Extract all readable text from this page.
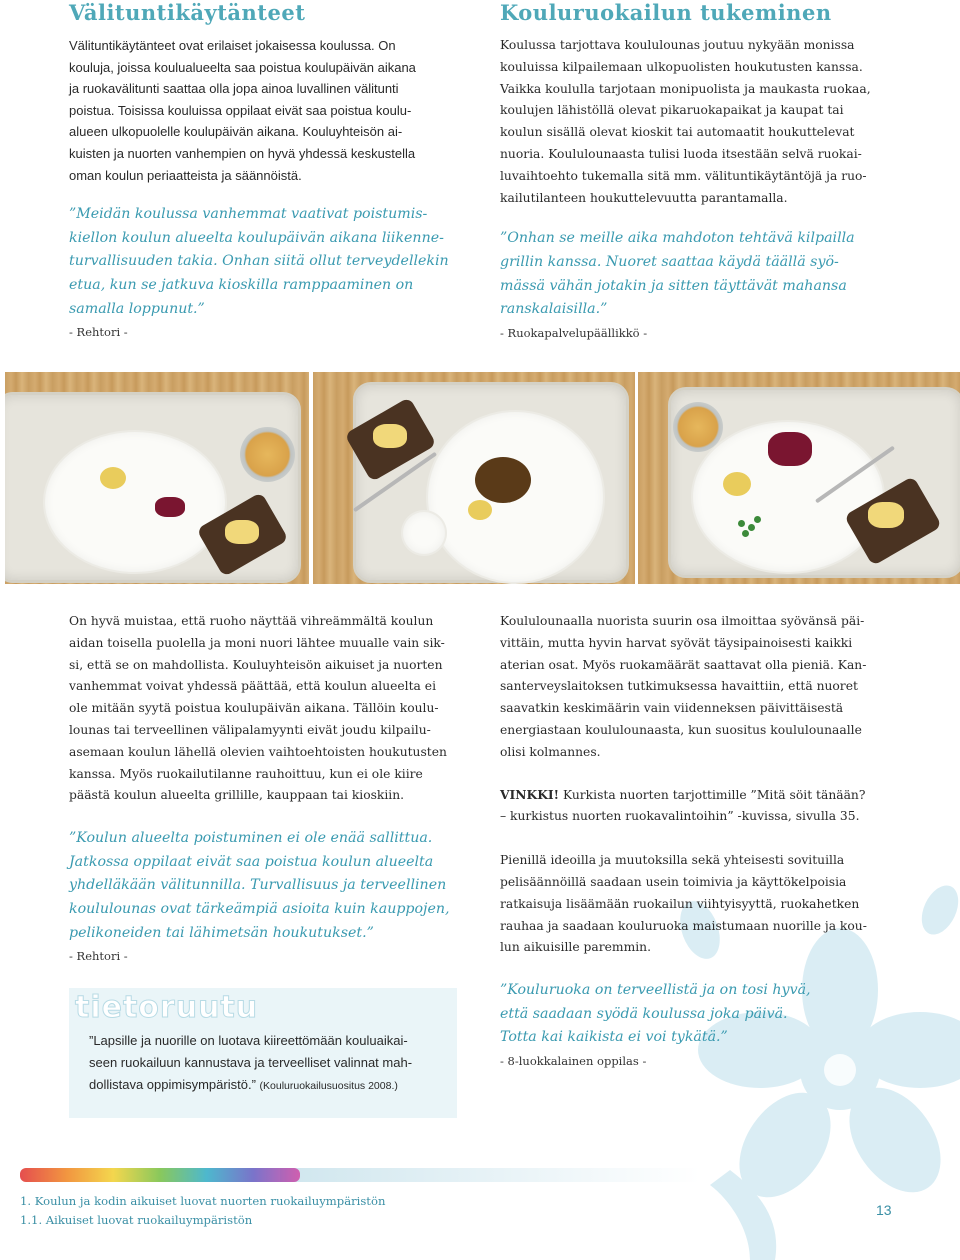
Välituntikäytänteet

Välituntikäytänteet ovat erilaiset jokaisessa koulussa. On

kouluja, joissa koulualueelta saa poistua koulupäivän aikana

ja ruokavälitunti saattaa olla jopa ainoa luvallinen välitunti

poistua. Toisissa kouluissa oppilaat eivät saa poistua koulu-

alueen ulkopuolelle koulupäivän aikana. Kouluyhteisön ai-

kuisten ja nuorten vanhempien on hyvä yhdessä keskustella

oman koulun periaatteista ja säännöistä.

”Meidän koulussa vanhemmat vaativat poistumis-

kiellon koulun alueelta koulupäivän aikana liikenne-

turvallisuuden takia. Onhan siitä ollut terveydellekin

etua, kun se jatkuva kioskilla ramppaaminen on

samalla loppunut.”

- Rehtori -

Kouluruokailun tukeminen

Koulussa tarjottava koululounas joutuu nykyään monissa

kouluissa kilpailemaan ulkopuolisten houkutusten kanssa.

Vaikka koululla tarjotaan monipuolista ja maukasta ruokaa,

koulujen lähistöllä olevat pikaruokapaikat ja kaupat tai

koulun sisällä olevat kioskit tai automaatit houkuttelevat

nuoria. Koululounaasta tulisi luoda itsestään selvä ruokai-

luvaihtoehto tukemalla sitä mm. välituntikäytäntöjä ja ruo-

kailutilanteen houkuttelevuutta parantamalla.

”Onhan se meille aika mahdoton tehtävä kilpailla

grillin kanssa. Nuoret saattaa käydä täällä syö-

mässä vähän jotakin ja sitten täyttävät mahansa

ranskalaisilla.”

- Ruokapalvelupäällikkö -

On hyvä muistaa, että ruoho näyttää vihreämmältä koulun

aidan toisella puolella ja moni nuori lähtee muualle vain sik-

si, että se on mahdollista. Kouluyhteisön aikuiset ja nuorten

vanhemmat voivat yhdessä päättää, että koulun alueelta ei

ole mitään syytä poistua koulupäivän aikana. Tällöin koulu-

lounas tai terveellinen välipalamyynti eivät joudu kilpailu-

asemaan koulun lähellä olevien vaihtoehtoisten houkutusten

kanssa. Myös ruokailutilanne rauhoittuu, kun ei ole kiire

päästä koulun alueelta grillille, kauppaan tai kioskiin.

”Koulun alueelta poistuminen ei ole enää sallittua.

Jatkossa oppilaat eivät saa poistua koulun alueelta

yhdelläkään välitunnilla. Turvallisuus ja terveellinen

koululounas ovat tärkeämpiä asioita kuin kauppojen,

pelikoneiden tai lähimetsän houkutukset.”

- Rehtori -

tietoruutu
”Lapsille ja nuorille on luotava kiireettömään kouluaikai-
seen ruokailuun kannustava ja terveelliset valinnat mah-
dollistava oppimisympäristö.” (Kouluruokailusuositus 2008.)

Koululounaalla nuorista suurin osa ilmoittaa syövänsä päi-

vittäin, mutta hyvin harvat syövät täysipainoisesti kaikki

aterian osat. Myös ruokamäärät saattavat olla pieniä. Kan-

santerveyslaitoksen tutkimuksessa havaittiin, että nuoret

saavatkin keskimäärin vain viidenneksen päivittäisestä

energiastaan koululounaasta, kun suositus koululounaalle

olisi kolmannes.

VINKKI! Kurkista nuorten tarjottimille ”Mitä söit tänään?

– kurkistus nuorten ruokavalintoihin” -kuvissa, sivulla 35.

Pienillä ideoilla ja muutoksilla sekä yhteisesti sovituilla

pelisäännöillä saadaan usein toimivia ja käyttökelpoisia

ratkaisuja lisäämään ruokailun viihtyisyyttä, ruokahetken

rauhaa ja saadaan kouluruoka maistumaan nuorille ja kou-

lun aikuisille paremmin.

”Kouluruoka on terveellistä ja on tosi hyvä,

että saadaan syödä koulussa joka päivä.

Totta kai kaikista ei voi tykätä.”

- 8-luokkalainen oppilas -

1. Koulun ja kodin aikuiset luovat nuorten ruokailuympäristön
1.1. Aikuiset luovat ruokailuympäristön
13
